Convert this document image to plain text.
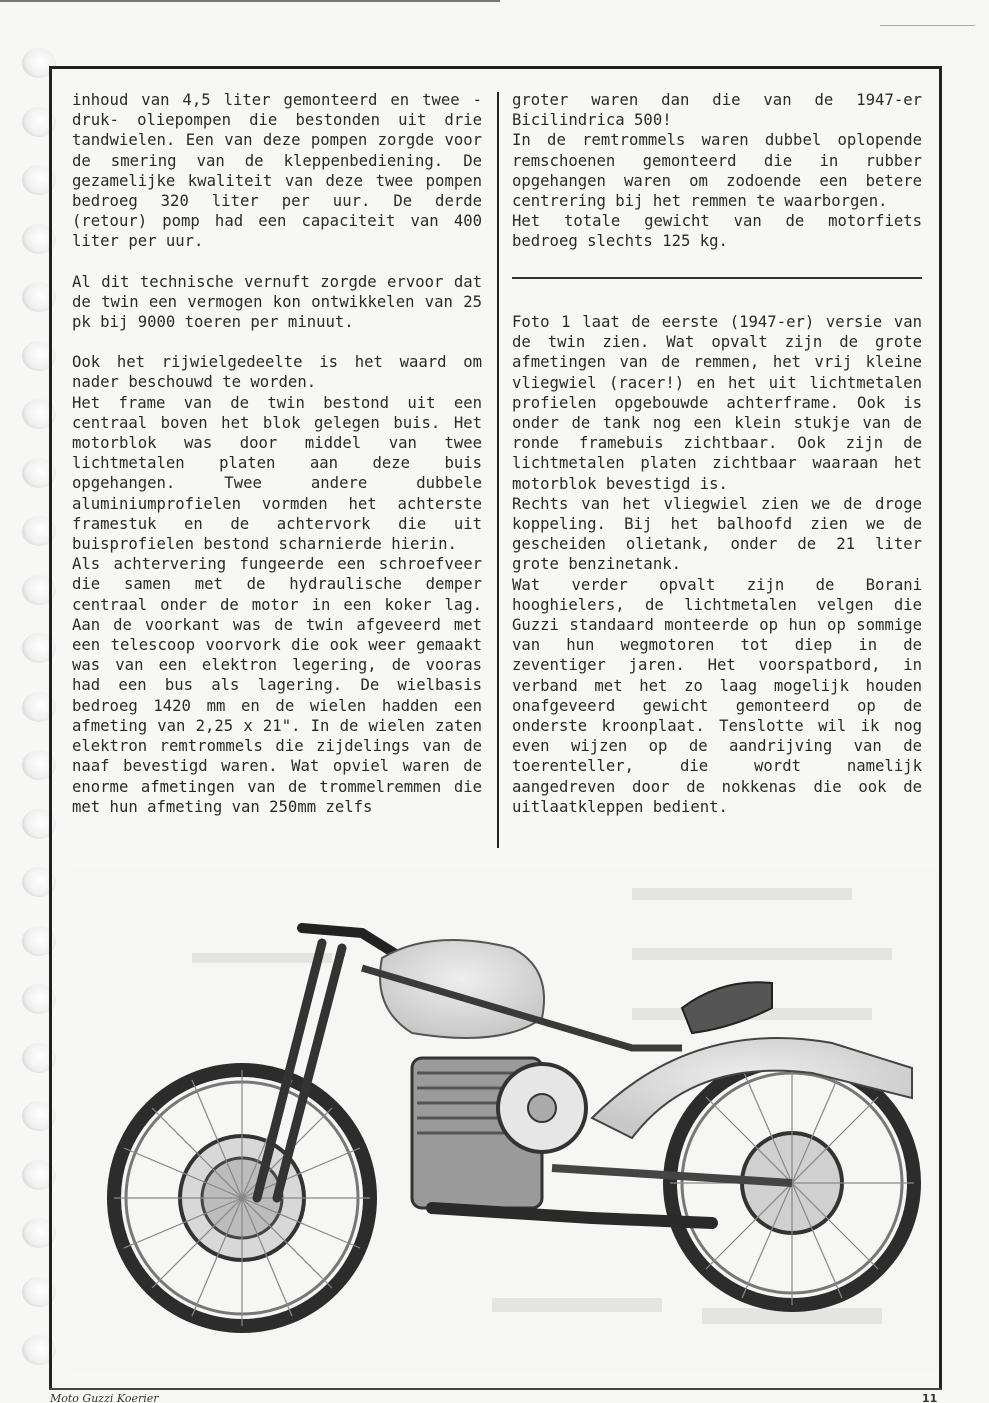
inhoud van 4,5 liter gemonteerd en twee -druk- oliepompen die bestonden uit drie tandwielen. Een van deze pompen zorgde voor de smering van de kleppenbediening. De gezamelijke kwaliteit van deze twee pompen bedroeg 320 liter per uur. De derde (retour) pomp had een capaciteit van 400 liter per uur.

Al dit technische vernuft zorgde ervoor dat de twin een vermogen kon ontwikkelen van 25 pk bij 9000 toeren per minuut.

Ook het rijwielgedeelte is het waard om nader beschouwd te worden.

Het frame van de twin bestond uit een centraal boven het blok gelegen buis. Het motorblok was door middel van twee lichtmetalen platen aan deze buis opgehangen. Twee andere dubbele aluminiumprofielen vormden het achterste framestuk en de achtervork die uit buisprofielen bestond scharnierde hierin.

Als achtervering fungeerde een schroefveer die samen met de hydraulische demper centraal onder de motor in een koker lag. Aan de voorkant was de twin afgeveerd met een telescoop voorvork die ook weer gemaakt was van een elektron legering, de vooras had een bus als lagering. De wielbasis bedroeg 1420 mm en de wielen hadden een afmeting van 2,25 x 21". In de wielen zaten elektron remtrommels die zijdelings van de naaf bevestigd waren. Wat opviel waren de enorme afmetingen van de trommelremmen die met hun afmeting van 250mm zelfs

groter waren dan die van de 1947-er Bicilindrica 500!

In de remtrommels waren dubbel oplopende remschoenen gemonteerd die in rubber opgehangen waren om zodoende een betere centrering bij het remmen te waarborgen.

Het totale gewicht van de motorfiets bedroeg slechts 125 kg.

Foto 1 laat de eerste (1947-er) versie van de twin zien. Wat opvalt zijn de grote afmetingen van de remmen, het vrij kleine vliegwiel (racer!) en het uit lichtmetalen profielen opgebouwde achterframe. Ook is onder de tank nog een klein stukje van de ronde framebuis zichtbaar. Ook zijn de lichtmetalen platen zichtbaar waaraan het motorblok bevestigd is.

Rechts van het vliegwiel zien we de droge koppeling. Bij het balhoofd zien we de gescheiden olietank, onder de 21 liter grote benzinetank.

Wat verder opvalt zijn de Borani hooghielers, de lichtmetalen velgen die Guzzi standaard monteerde op hun op sommige van hun wegmotoren tot diep in de zeventiger jaren. Het voorspatbord, in verband met het zo laag mogelijk houden onafgeveerd gewicht gemonteerd op de onderste kroonplaat. Tenslotte wil ik nog even wijzen op de aandrijving van de toerenteller, die wordt namelijk aangedreven door de nokkenas die ook de uitlaatkleppen bedient.

Moto Guzzi Koerier	11
